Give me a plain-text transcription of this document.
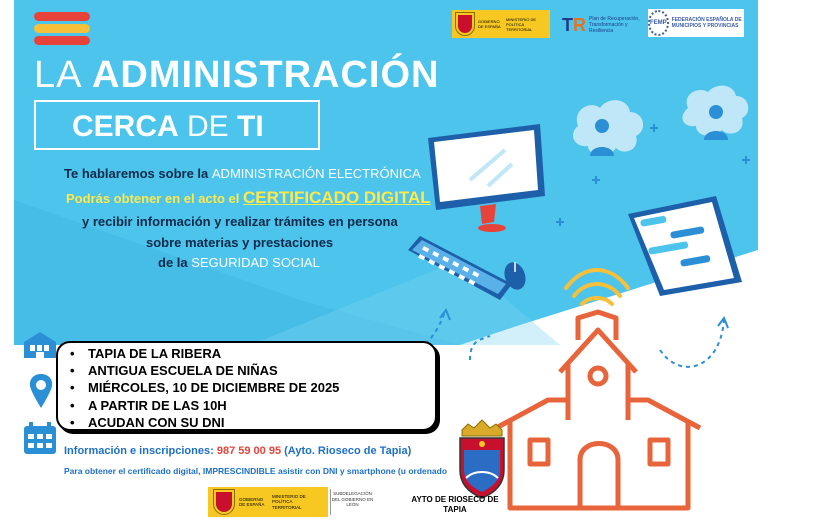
GOBIERNO DE ESPAÑA
MINISTERIO DE POLÍTICA TERRITORIAL	TR Plan de Recuperación, Transformación y Resiliencia
FEMP	FEDERACIÓN ESPAÑOLA DE MUNICIPIOS Y PROVINCIAS
LA ADMINISTRACIÓN
CERCA DE TI
Te hablaremos sobre la ADMINISTRACIÓN ELECTRÓNICA
Podrás obtener en el acto el CERTIFICADO DIGITAL
y recibir información y realizar trámites en persona
sobre materias y prestaciones
de la SEGURIDAD SOCIAL
• TAPIA DE LA RIBERA
• ANTIGUA ESCUELA DE NIÑAS
• MIÉRCOLES, 10 DE DICIEMBRE DE 2025
• A PARTIR DE LAS 10H
• ACUDAN CON SU DNI
Información e inscripciones: 987 59 00 95 (Ayto. Rioseco de Tapia)
Para obtener el certificado digital, IMPRESCINDIBLE asistir con DNI y smartphone (u ordenado
GOBIERNO DE ESPAÑA
MINISTERIO DE POLÍTICA TERRITORIAL
SUBDELEGACIÓN DEL GOBIERNO EN LEÓN
AYTO DE RIOSECO DE TAPIA
